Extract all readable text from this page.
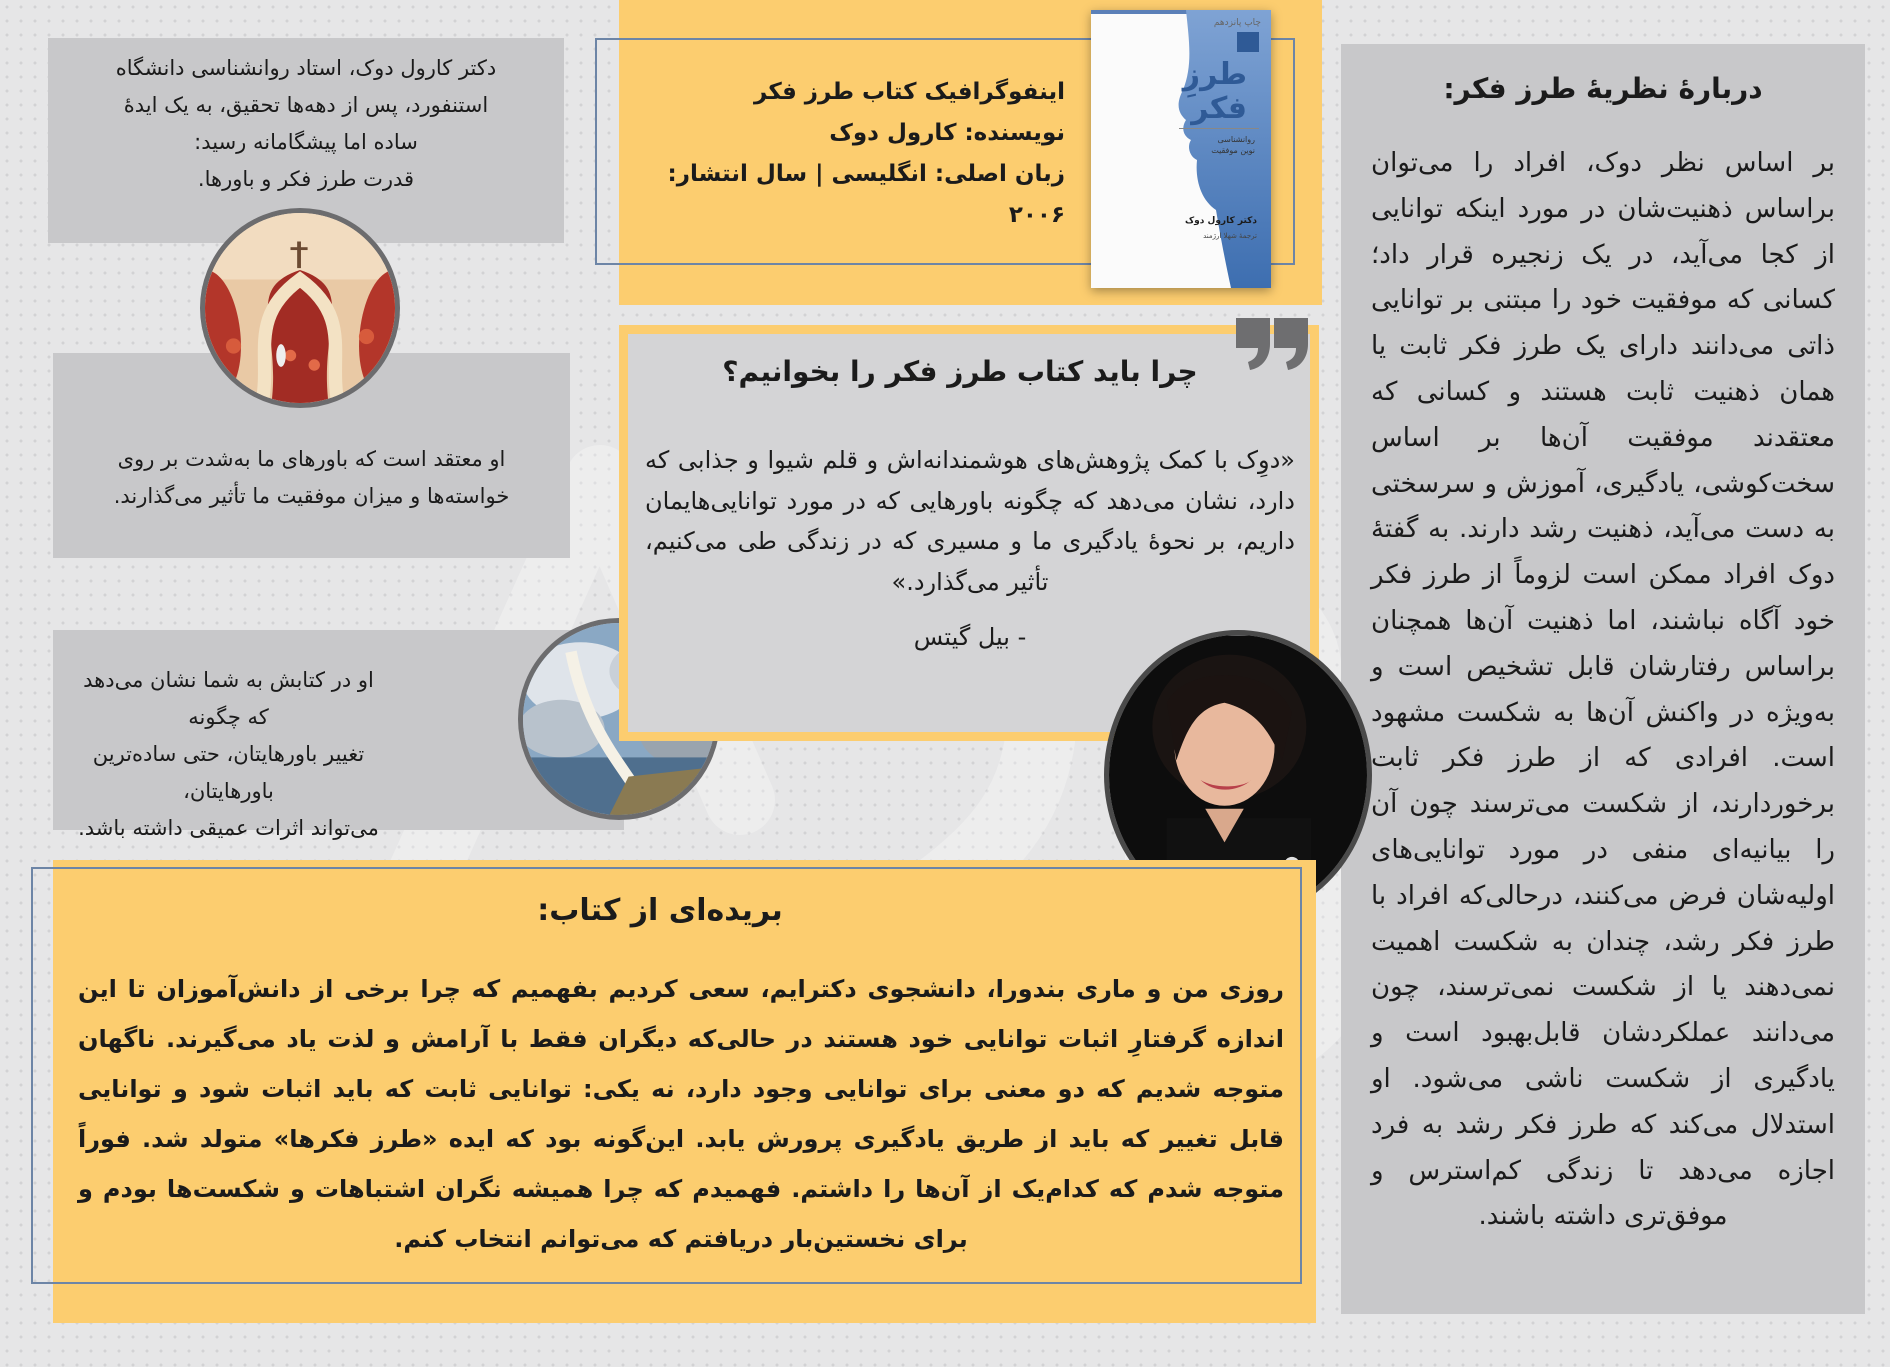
اینفوگرافیک کتاب طرز فکر
نویسنده: کارول دوک
زبان اصلی: انگلیسی | سال انتشار: ۲۰۰۶
چاپ پانزدهم
طرزِ
فکر
روانشناسی
نوین موفقیت
دکتر کارول دوک
ترجمهٔ شهلا ارژمند
دربارهٔ نظریهٔ طرز فکر:

بر اساس نظر دوک، افراد را می‌توان براساس ذهنیت‌شان در مورد اینکه توانایی از کجا می‌آید، در یک زنجیره قرار داد؛ کسانی که موفقیت خود را مبتنی بر توانایی ذاتی می‌دانند دارای یک طرز فکر ثابت یا همان ذهنیت ثابت هستند و کسانی که معتقدند موفقیت آن‌ها بر اساس سخت‌کوشی، یادگیری، آموزش و سرسختی به دست می‌آید، ذهنیت رشد دارند. به گفتهٔ دوک افراد ممکن است لزوماً از طرز فکر خود آگاه نباشند، اما ذهنیت آن‌ها همچنان براساس رفتارشان قابل تشخیص است و به‌ویژه در واکنش آن‌ها به شکست مشهود است. افرادی که از طرز فکر ثابت برخوردارند، از شکست می‌ترسند چون آن را بیانیه‌ای منفی در مورد توانایی‌های اولیه‌شان فرض می‌کنند، درحالی‌که افراد با طرز فکر رشد، چندان به شکست اهمیت نمی‌دهند یا از شکست نمی‌ترسند، چون می‌دانند عملکردشان قابل‌بهبود است و یادگیری از شکست ناشی می‌شود. او استدلال می‌کند که طرز فکر رشد به فرد اجازه می‌دهد تا زندگی کم‌استرس و موفق‌تری داشته باشند.

دکتر کارول دوک، استاد روانشناسی دانشگاه
استنفورد، پس از دهه‌ها تحقیق، به یک ایدهٔ
ساده اما پیشگامانه رسید:
قدرت طرز فکر و باورها.
او معتقد است که باورهای ما به‌شدت بر روی
خواسته‌ها و میزان موفقیت ما تأثیر می‌گذارند.
او در کتابش به شما نشان می‌دهد که چگونه
تغییر باورهایتان، حتی ساده‌ترین باورهایتان،
می‌تواند اثرات عمیقی داشته باشد.
چرا باید کتاب طرز فکر را بخوانیم؟
«دوِک با کمک پژوهش‌های هوشمندانه‌اش و قلم شیوا و جذابی که دارد، نشان می‌دهد که چگونه باورهایی که در مورد توانایی‌هایمان داریم، بر نحوهٔ یادگیری ما و مسیری که در زندگی طی می‌کنیم، تأثیر می‌گذارد.»
- بیل گیتس
بریده‌ای از کتاب:
روزی من و ماری بندورا، دانشجوی دکترایم، سعی کردیم بفهمیم که چرا برخی از دانش‌آموزان تا این اندازه گرفتارِ اثبات توانایی خود هستند در حالی‌که دیگران فقط با آرامش و لذت یاد می‌گیرند. ناگهان متوجه شدیم که دو معنی برای توانایی وجود دارد، نه یکی: توانایی ثابت که باید اثبات شود و توانایی قابل تغییر که باید از طریق یادگیری پرورش یابد. این‌گونه بود که ایده «طرز فکرها» متولد شد. فوراً متوجه شدم که کدام‌یک از آن‌ها را داشتم. فهمیدم که چرا همیشه نگران اشتباهات و شکست‌ها بودم و برای نخستین‌بار دریافتم که می‌توانم انتخاب کنم.
